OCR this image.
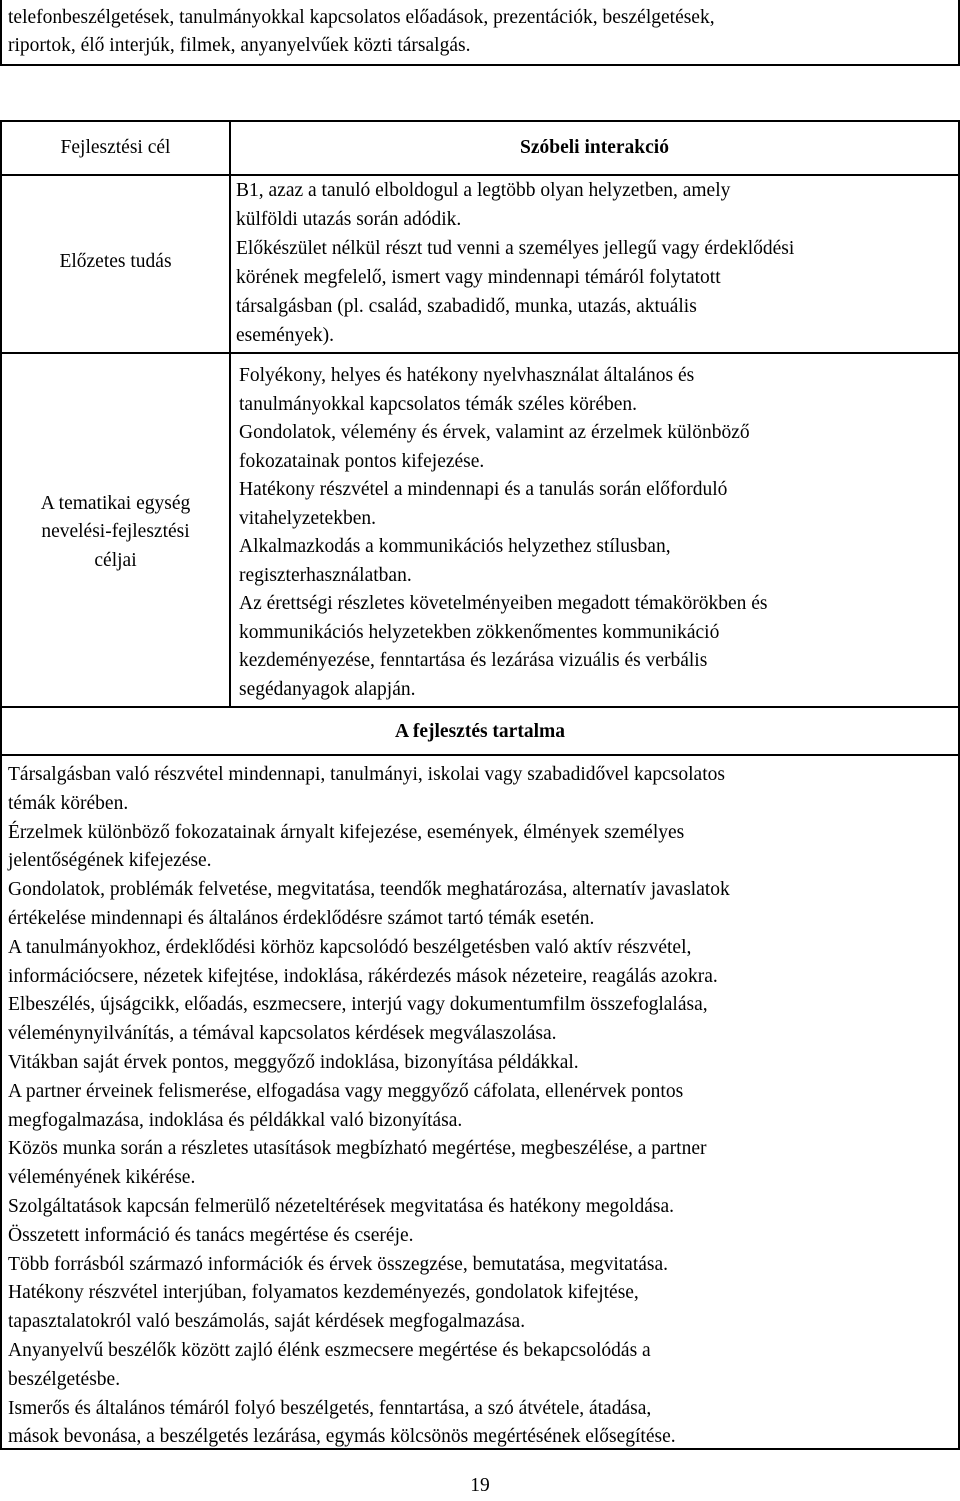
telefonbeszélgetések, tanulmányokkal kapcsolatos előadások, prezentációk, beszélgetések,
riportok, élő interjúk, filmek, anyanyelvűek közti társalgás.
Fejlesztési cél
Előzetes tudás
A tematikai egység
nevelési-fejlesztési
céljai
Szóbeli interakció
B1, azaz a tanuló elboldogul a legtöbb olyan helyzetben, amely
külföldi utazás során adódik.
Előkészület nélkül részt tud venni a személyes jellegű vagy érdeklődési
körének megfelelő, ismert vagy mindennapi témáról folytatott
társalgásban (pl. család, szabadidő, munka, utazás, aktuális
események).
Folyékony, helyes és hatékony nyelvhasználat általános és
tanulmányokkal kapcsolatos témák széles körében.
Gondolatok, vélemény és érvek, valamint az érzelmek különböző
fokozatainak pontos kifejezése.
Hatékony részvétel a mindennapi és a tanulás során előforduló
vitahelyzetekben.
Alkalmazkodás a kommunikációs helyzethez stílusban,
regiszterhasználatban.
Az érettségi részletes követelményeiben megadott témakörökben és
kommunikációs helyzetekben zökkenőmentes kommunikáció
kezdeményezése, fenntartása és lezárása vizuális és verbális
segédanyagok alapján.
A fejlesztés tartalma
Társalgásban való részvétel mindennapi, tanulmányi, iskolai vagy szabadidővel kapcsolatos
témák körében.
Érzelmek különböző fokozatainak árnyalt kifejezése, események, élmények személyes
jelentőségének kifejezése.
Gondolatok, problémák felvetése, megvitatása, teendők meghatározása, alternatív javaslatok
értékelése mindennapi és általános érdeklődésre számot tartó témák esetén.
A tanulmányokhoz, érdeklődési körhöz kapcsolódó beszélgetésben való aktív részvétel,
információcsere, nézetek kifejtése, indoklása, rákérdezés mások nézeteire, reagálás azokra.
Elbeszélés, újságcikk, előadás, eszmecsere, interjú vagy dokumentumfilm összefoglalása,
véleménynyilvánítás, a témával kapcsolatos kérdések megválaszolása.
Vitákban saját érvek pontos, meggyőző indoklása, bizonyítása példákkal.
A partner érveinek felismerése, elfogadása vagy meggyőző cáfolata, ellenérvek pontos
megfogalmazása, indoklása és példákkal való bizonyítása.
Közös munka során a részletes utasítások megbízható megértése, megbeszélése, a partner
véleményének kikérése.
Szolgáltatások kapcsán felmerülő nézeteltérések megvitatása és hatékony megoldása.
Összetett információ és tanács megértése és cseréje.
Több forrásból származó információk és érvek összegzése, bemutatása, megvitatása.
Hatékony részvétel interjúban, folyamatos kezdeményezés, gondolatok kifejtése,
tapasztalatokról való beszámolás, saját kérdések megfogalmazása.
Anyanyelvű beszélők között zajló élénk eszmecsere megértése és bekapcsolódás a
beszélgetésbe.
Ismerős és általános témáról folyó beszélgetés, fenntartása, a szó átvétele, átadása,
mások bevonása, a beszélgetés lezárása, egymás kölcsönös megértésének elősegítése.
19
